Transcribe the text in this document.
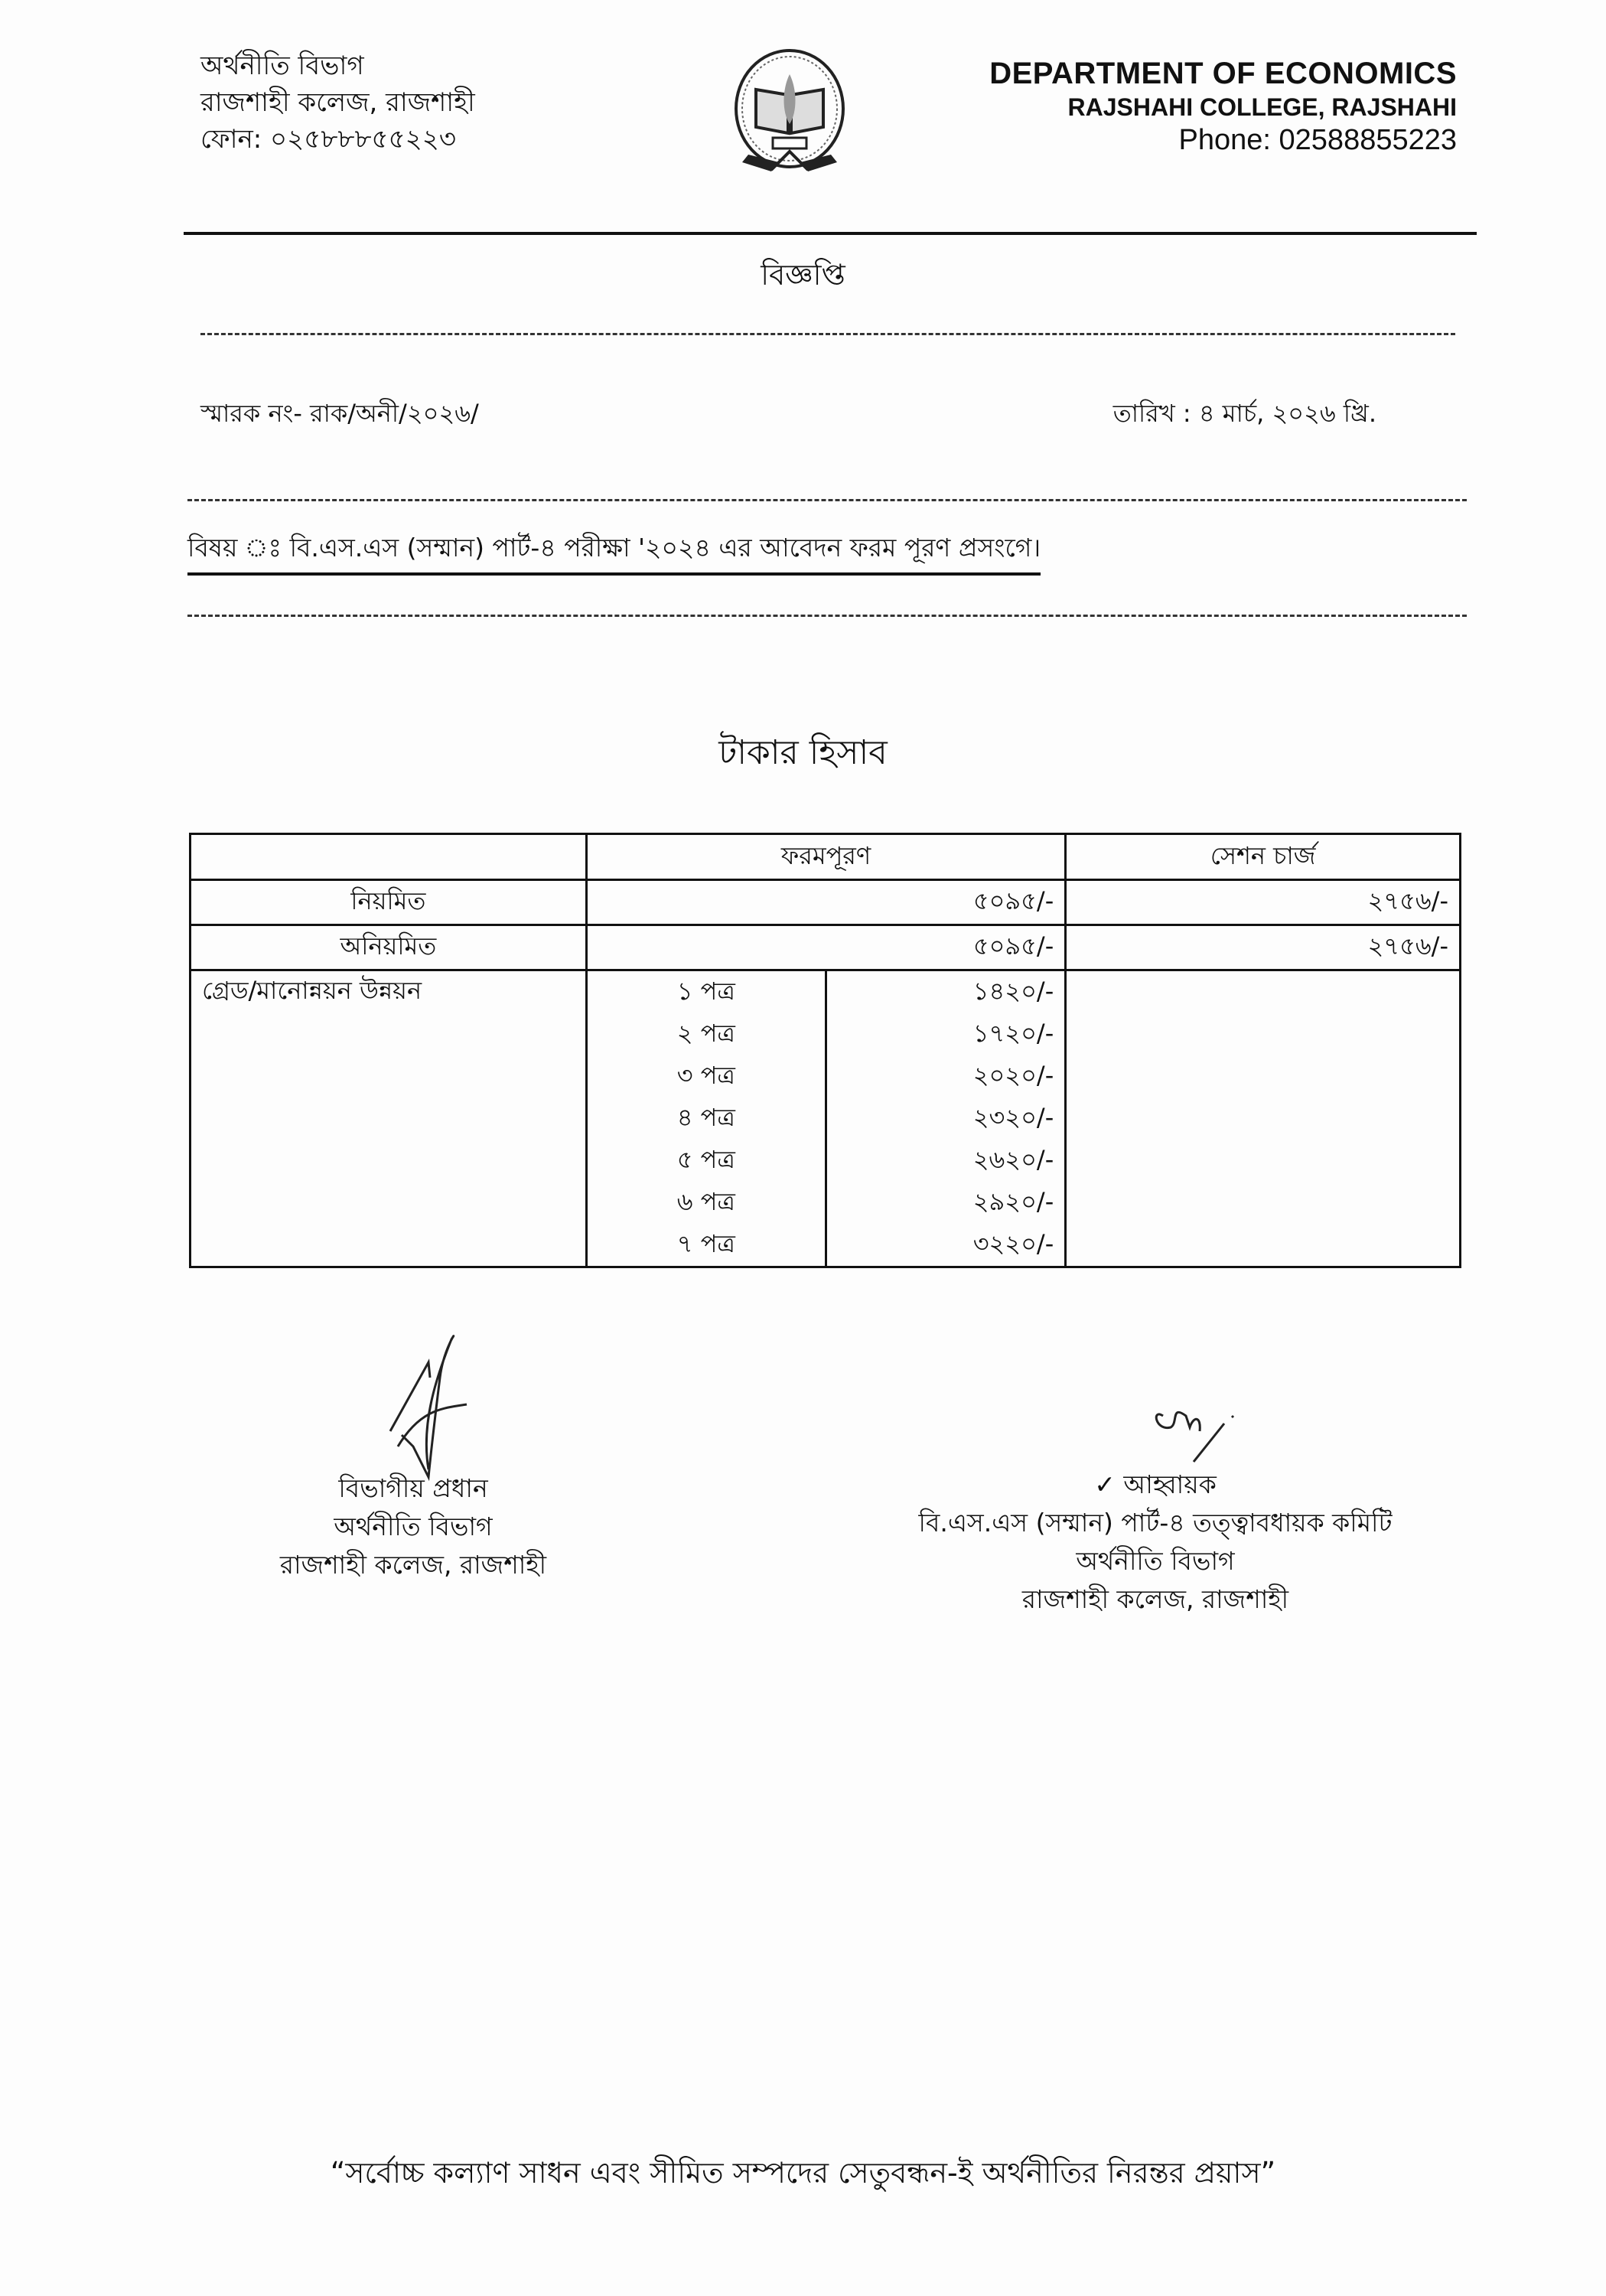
অর্থনীতি বিভাগ
রাজশাহী কলেজ, রাজশাহী
ফোন: ০২৫৮৮৮৫৫২২৩
DEPARTMENT OF ECONOMICS
RAJSHAHI COLLEGE, RAJSHAHI
Phone: 02588855223
বিজ্ঞপ্তি
স্মারক নং- রাক/অনী/২০২৬/	তারিখ : ৪ মার্চ, ২০২৬ খ্রি.
বিষয় ঃ বি.এস.এস (সম্মান) পার্ট-৪ পরীক্ষা '২০২৪ এর আবেদন ফরম পূরণ প্রসংগে।
টাকার হিসাব
	ফরমপূরণ		সেশন চার্জ
নিয়মিত	৫০৯৫/-		২৭৫৬/-
অনিয়মিত	৫০৯৫/-		২৭৫৬/-
গ্রেড/মানোন্নয়ন উন্নয়ন	১ পত্র	১৪২০/-	
	২ পত্র	১৭২০/-	
	৩ পত্র	২০২০/-	
	৪ পত্র	২৩২০/-	
	৫ পত্র	২৬২০/-	
	৬ পত্র	২৯২০/-	
	৭ পত্র	৩২২০/-	
বিভাগীয় প্রধান
অর্থনীতি বিভাগ
রাজশাহী কলেজ, রাজশাহী
✓ আহ্বায়ক
বি.এস.এস (সম্মান) পার্ট-৪ তত্ত্বাবধায়ক কমিটি
অর্থনীতি বিভাগ
রাজশাহী কলেজ, রাজশাহী
“সর্বোচ্চ কল্যাণ সাধন এবং সীমিত সম্পদের সেতুবন্ধন-ই অর্থনীতির নিরন্তর প্রয়াস”
